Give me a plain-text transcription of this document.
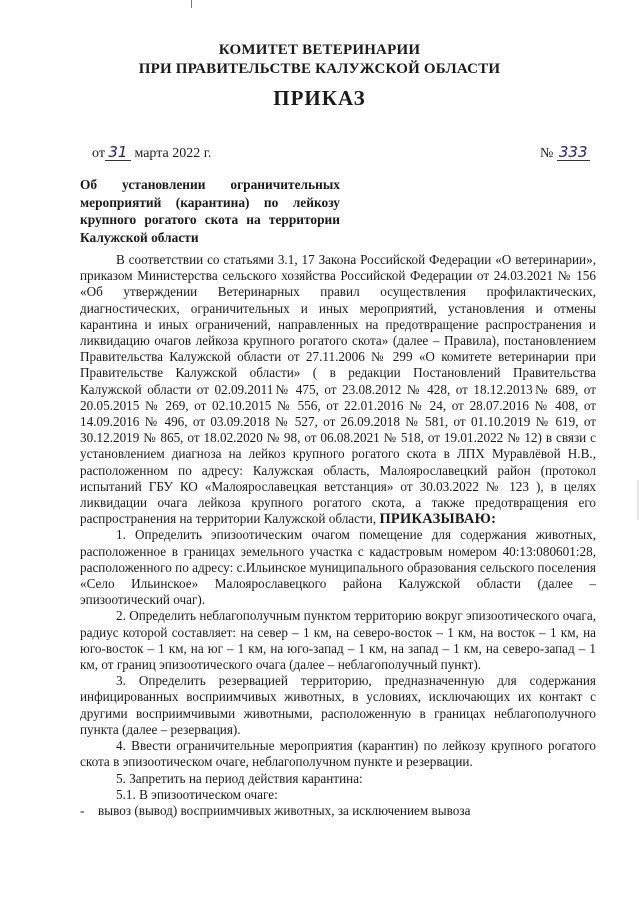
КОМИТЕТ ВЕТЕРИНАРИИ
ПРИ ПРАВИТЕЛЬСТВЕ КАЛУЖСКОЙ ОБЛАСТИ
ПРИКАЗ
от 31 марта 2022 г.	№ 333
Об установлении ограничительных мероприятий (карантина) по лейкозу крупного рогатого скота на территории Калужской области

В соответствии со статьями 3.1, 17 Закона Российской Федерации «О ветеринарии», приказом Министерства сельского хозяйства Российской Федерации от 24.03.2021 № 156 «Об утверждении Ветеринарных правил осуществления профилактических, диагностических, ограничительных и иных мероприятий, установления и отмены карантина и иных ограничений, направленных на предотвращение распространения и ликвидацию очагов лейкоза крупного рогатого скота» (далее – Правила), постановлением Правительства Калужской области от 27.11.2006 № 299 «О комитете ветеринарии при Правительстве Калужской области» ( в редакции Постановлений Правительства Калужской области от 02.09.2011№ 475, от 23.08.2012 № 428, от 18.12.2013№ 689, от 20.05.2015 № 269, от 02.10.2015 № 556, от 22.01.2016 № 24, от 28.07.2016 № 408, от 14.09.2016 № 496, от 03.09.2018 № 527, от 26.09.2018 № 581, от 01.10.2019 № 619, от 30.12.2019 № 865, от 18.02.2020 № 98, от 06.08.2021 № 518, от 19.01.2022 № 12) в связи с установлением диагноза на лейкоз крупного рогатого скота в ЛПХ Муравлёвой Н.В., расположенном по адресу: Калужская область, Малоярославецкий район (протокол испытаний ГБУ КО «Малоярославецкая ветстанция» от 30.03.2022 № 123 ), в целях ликвидации очага лейкоза крупного рогатого скота, а также предотвращения его распространения на территории Калужской области, ПРИКАЗЫВАЮ:

1. Определить эпизоотическим очагом помещение для содержания животных, расположенное в границах земельного участка с кадастровым номером 40:13:080601:28, расположенного по адресу: с.Ильинское муниципального образования сельского поселения «Село Ильинское» Малоярославецкого района Калужской области (далее – эпизоотический очаг).

2. Определить неблагополучным пунктом территорию вокруг эпизоотического очага, радиус которой составляет: на север – 1 км, на северо-восток – 1 км, на восток – 1 км, на юго-восток – 1 км, на юг – 1 км, на юго-запад – 1 км, на запад – 1 км, на северо-запад – 1 км, от границ эпизоотического очага (далее – неблагополучный пункт).

3. Определить резервацией территорию, предназначенную для содержания инфицированных восприимчивых животных, в условиях, исключающих их контакт с другими восприимчивыми животными, расположенную в границах неблагополучного пункта (далее – резервация).

4. Ввести ограничительные мероприятия (карантин) по лейкозу крупного рогатого скота в эпизоотическом очаге, неблагополучном пункте и резервации.

5. Запретить на период действия карантина:

5.1. В эпизоотическом очаге:

- вывоз (вывод) восприимчивых животных, за исключением вывоза
